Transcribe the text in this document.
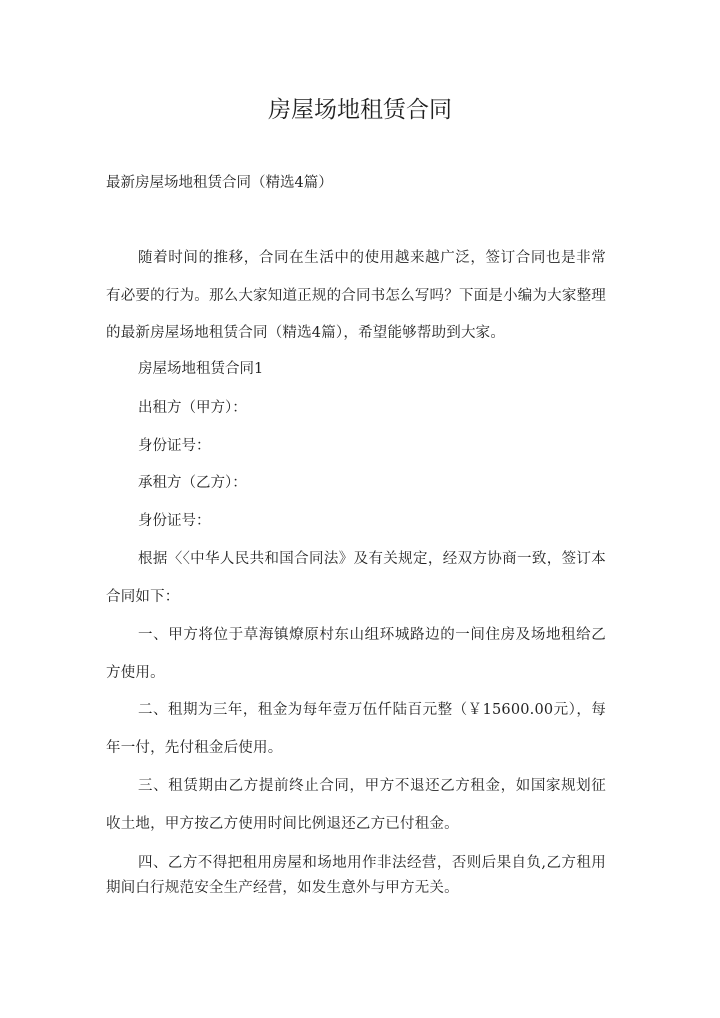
房屋场地租赁合同
最新房屋场地租赁合同（精选4篇）
随着时间的推移，合同在生活中的使用越来越广泛，签订合同也是非常有必要的行为。那么大家知道正规的合同书怎么写吗？下面是小编为大家整理的最新房屋场地租赁合同（精选4篇），希望能够帮助到大家。
房屋场地租赁合同1
出租方（甲方）：
身份证号：
承租方（乙方）：
身份证号：
根据〈〈中华人民共和国合同法》及有关规定，经双方协商一致，签订本合同如下：
一、甲方将位于草海镇燎原村东山组环城路边的一间住房及场地租给乙方使用。
二、租期为三年，租金为每年壹万伍仟陆百元整（￥15600.00元），每年一付，先付租金后使用。
三、租赁期由乙方提前终止合同，甲方不退还乙方租金，如国家规划征收土地，甲方按乙方使用时间比例退还乙方已付租金。
四、乙方不得把租用房屋和场地用作非法经营，否则后果自负,乙方租用期间白行规范安全生产经营，如发生意外与甲方无关。
